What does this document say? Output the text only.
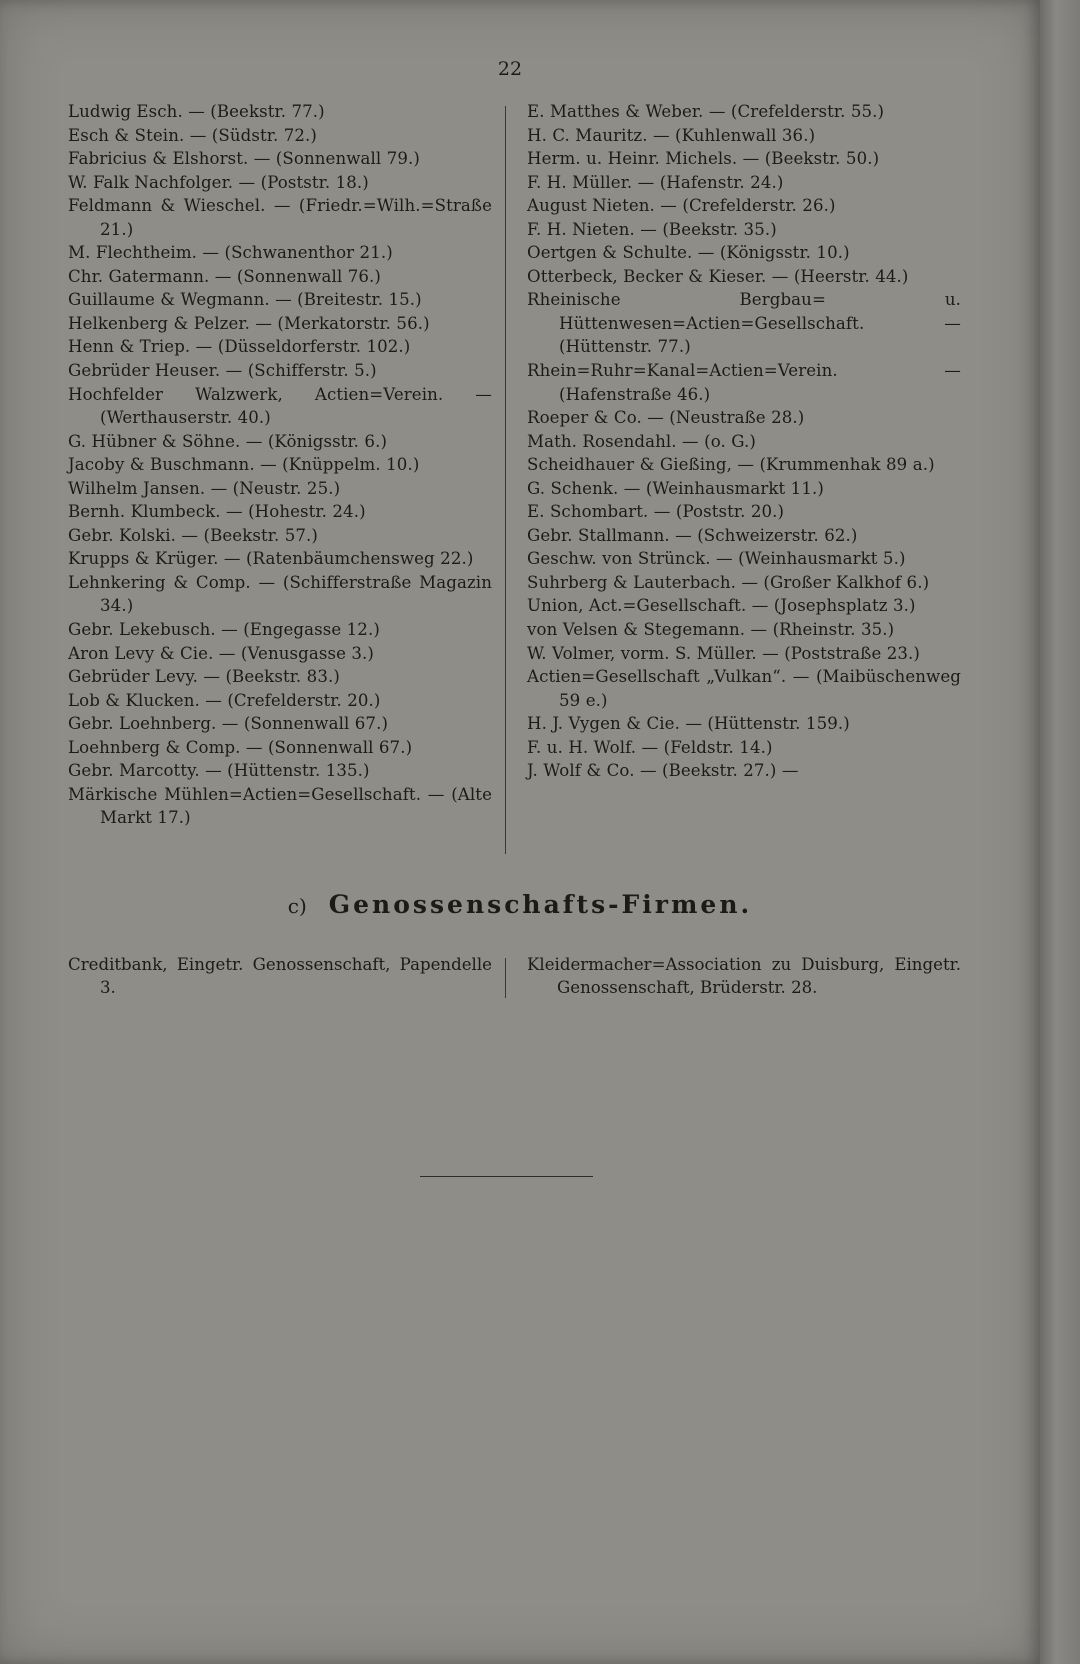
22
Ludwig Esch. — (Beekstr. 77.)
Esch & Stein. — (Südstr. 72.)
Fabricius & Elshorst. — (Sonnenwall 79.)
W. Falk Nachfolger. — (Poststr. 18.)
Feldmann & Wieschel. — (Friedr.=Wilh.=Straße 21.)
M. Flechtheim. — (Schwanenthor 21.)
Chr. Gatermann. — (Sonnenwall 76.)
Guillaume & Wegmann. — (Breitestr. 15.)
Helkenberg & Pelzer. — (Merkatorstr. 56.)
Henn & Triep. — (Düsseldorferstr. 102.)
Gebrüder Heuser. — (Schifferstr. 5.)
Hochfelder Walzwerk, Actien=Verein. — (Werthauserstr. 40.)
G. Hübner & Söhne. — (Königsstr. 6.)
Jacoby & Buschmann. — (Knüppelm. 10.)
Wilhelm Jansen. — (Neustr. 25.)
Bernh. Klumbeck. — (Hohestr. 24.)
Gebr. Kolski. — (Beekstr. 57.)
Krupps & Krüger. — (Ratenbäumchensweg 22.)
Lehnkering & Comp. — (Schifferstraße Magazin 34.)
Gebr. Lekebusch. — (Engegasse 12.)
Aron Levy & Cie. — (Venusgasse 3.)
Gebrüder Levy. — (Beekstr. 83.)
Lob & Klucken. — (Crefelderstr. 20.)
Gebr. Loehnberg. — (Sonnenwall 67.)
Loehnberg & Comp. — (Sonnenwall 67.)
Gebr. Marcotty. — (Hüttenstr. 135.)
Märkische Mühlen=Actien=Gesellschaft. — (Alte Markt 17.)
E. Matthes & Weber. — (Crefelderstr. 55.)
H. C. Mauritz. — (Kuhlenwall 36.)
Herm. u. Heinr. Michels. — (Beekstr. 50.)
F. H. Müller. — (Hafenstr. 24.)
August Nieten. — (Crefelderstr. 26.)
F. H. Nieten. — (Beekstr. 35.)
Oertgen & Schulte. — (Königsstr. 10.)
Otterbeck, Becker & Kieser. — (Heerstr. 44.)
Rheinische Bergbau= u. Hüttenwesen=Actien=Gesellschaft. — (Hüttenstr. 77.)
Rhein=Ruhr=Kanal=Actien=Verein. — (Hafenstraße 46.)
Roeper & Co. — (Neustraße 28.)
Math. Rosendahl. — (o. G.)
Scheidhauer & Gießing, — (Krummenhak 89 a.)
G. Schenk. — (Weinhausmarkt 11.)
E. Schombart. — (Poststr. 20.)
Gebr. Stallmann. — (Schweizerstr. 62.)
Geschw. von Strünck. — (Weinhausmarkt 5.)
Suhrberg & Lauterbach. — (Großer Kalkhof 6.)
Union, Act.=Gesellschaft. — (Josephsplatz 3.)
von Velsen & Stegemann. — (Rheinstr. 35.)
W. Volmer, vorm. S. Müller. — (Poststraße 23.)
Actien=Gesellschaft „Vulkan“. — (Maibüschenweg 59 e.)
H. J. Vygen & Cie. — (Hüttenstr. 159.)
F. u. H. Wolf. — (Feldstr. 14.)
J. Wolf & Co. — (Beekstr. 27.) —
c) Genossenschafts-Firmen.
Creditbank, Eingetr. Genossenschaft, Papendelle 3.
Kleidermacher=Association zu Duisburg, Eingetr. Genossenschaft, Brüderstr. 28.
